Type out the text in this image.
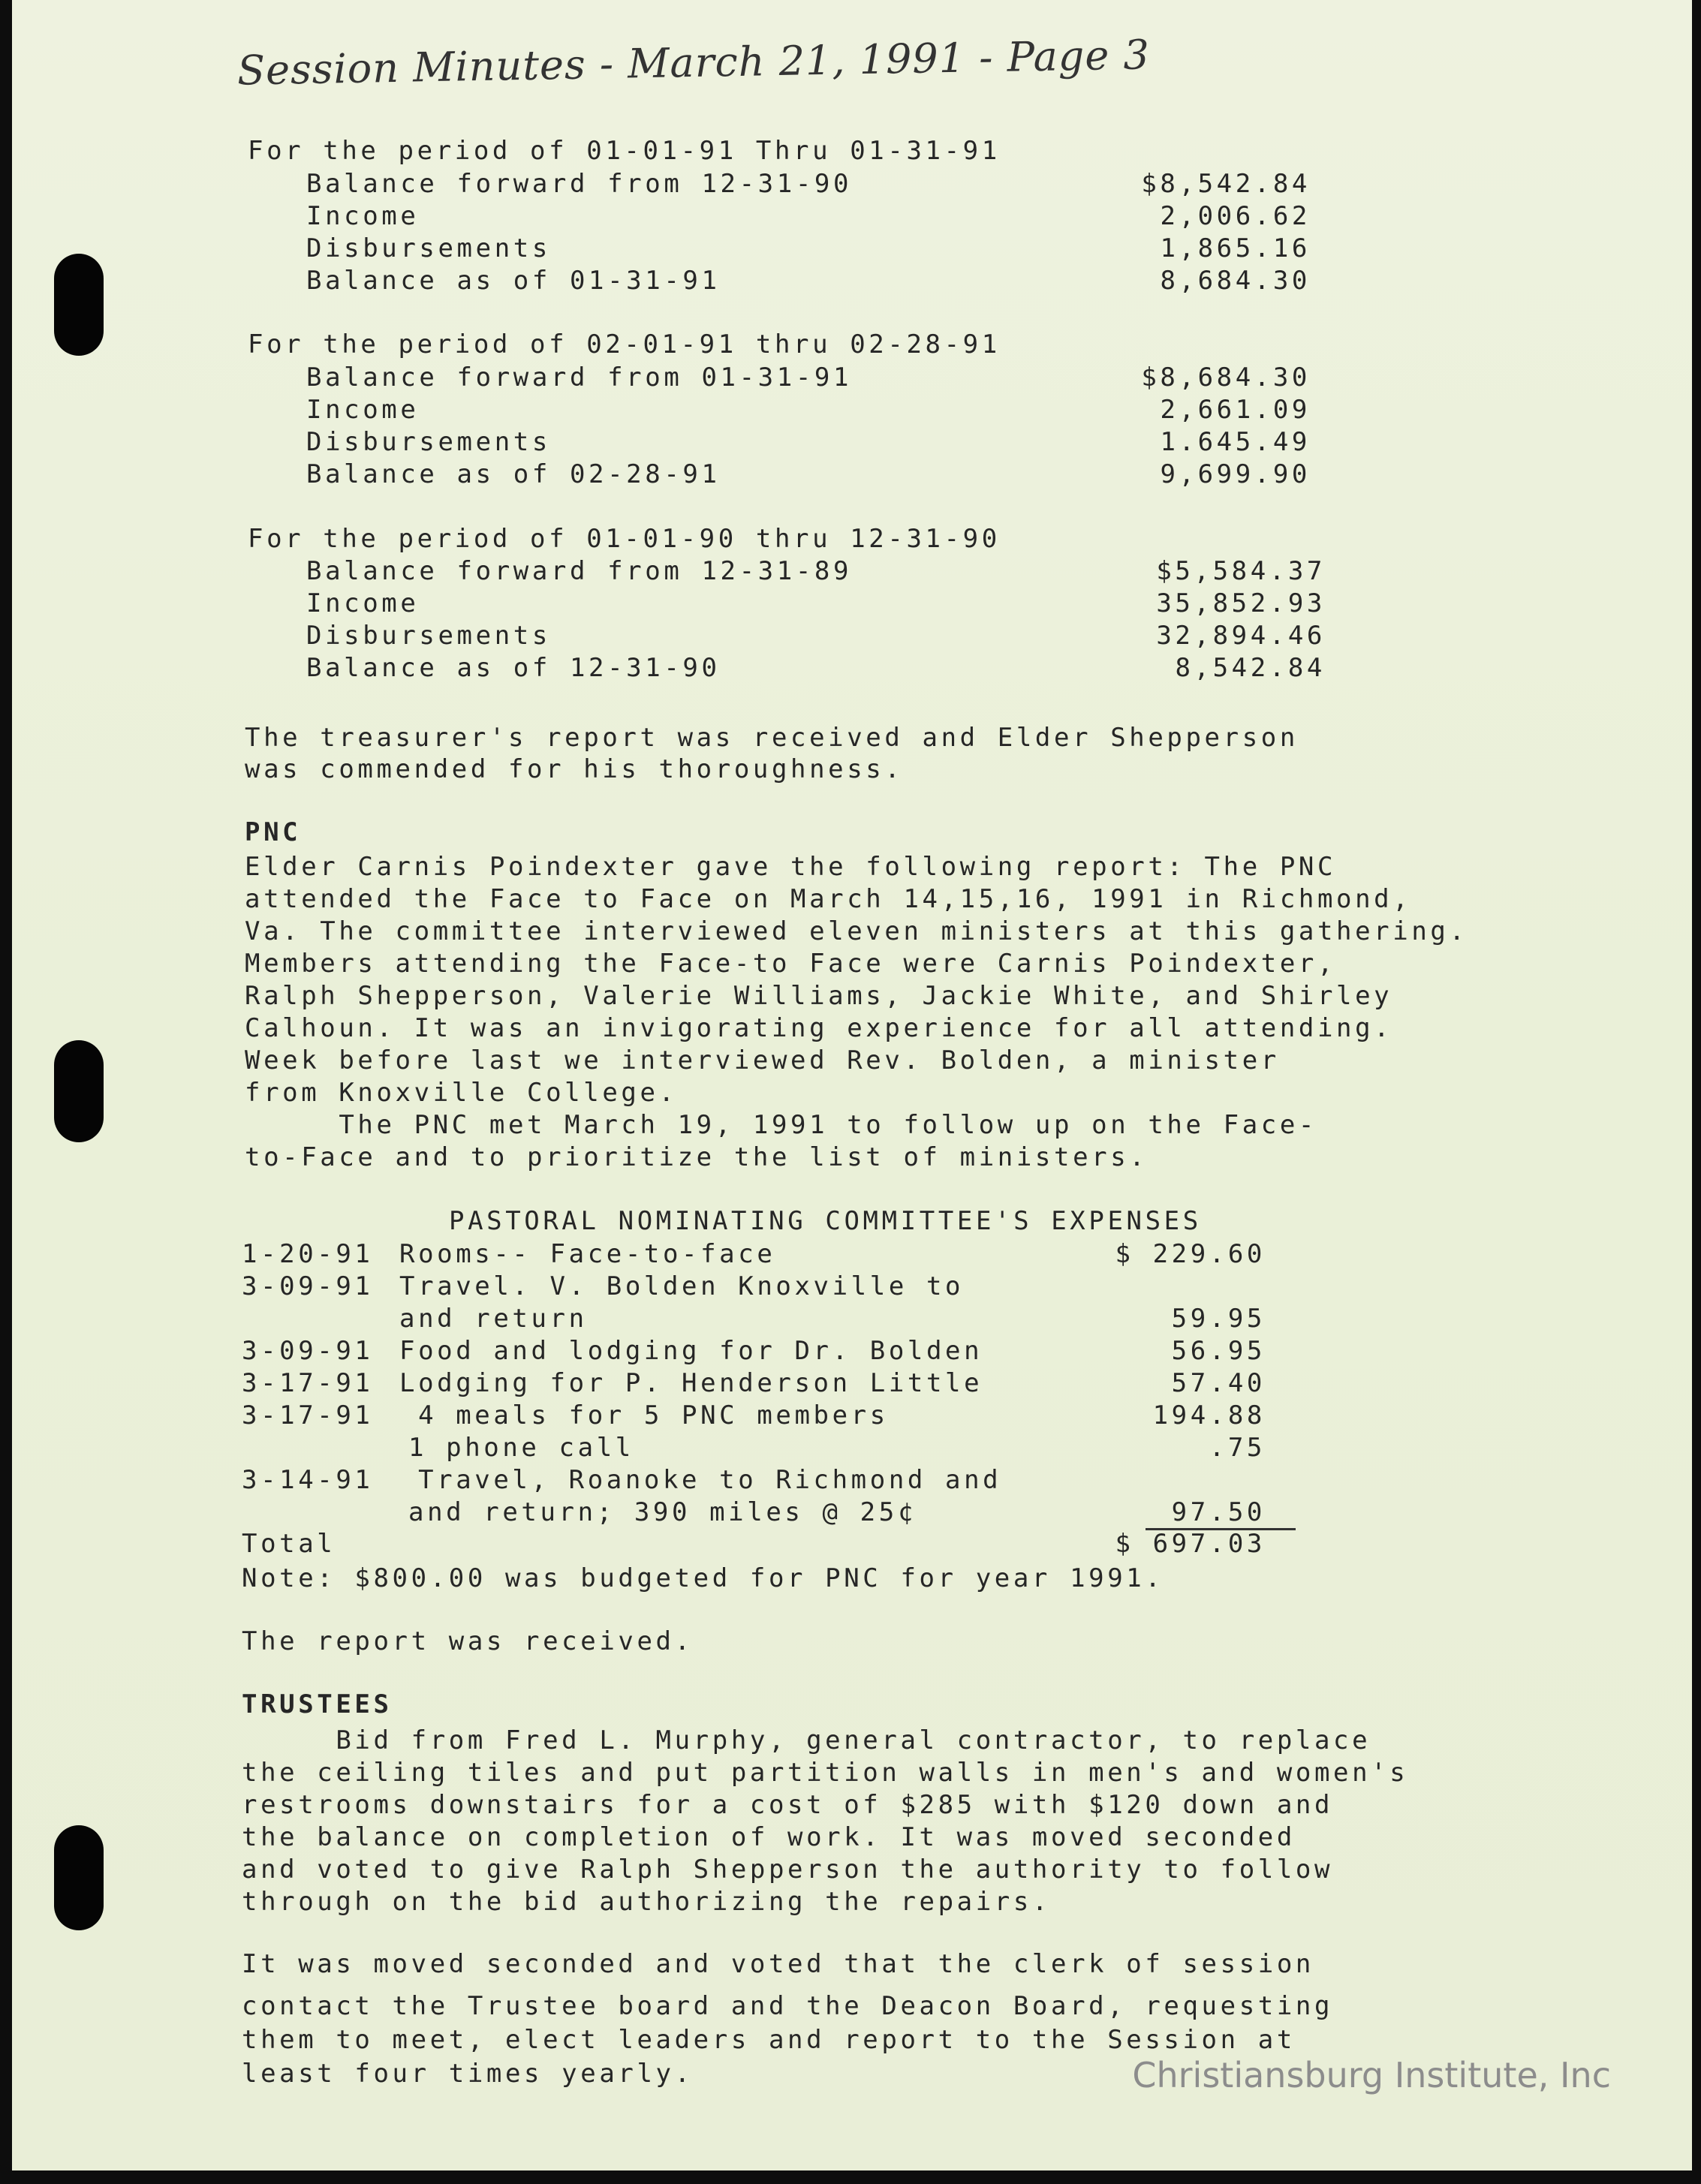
Session Minutes - March 21, 1991 - Page 3
For the period of 01-01-91 Thru 01-31-91
Balance forward from 12-31-90	$8,542.84
Income	2,006.62
Disbursements	1,865.16
Balance as of 01-31-91	8,684.30
For the period of 02-01-91 thru 02-28-91
Balance forward from 01-31-91	$8,684.30
Income	2,661.09
Disbursements	1.645.49
Balance as of 02-28-91	9,699.90
For the period of 01-01-90 thru 12-31-90
Balance forward from 12-31-89	$5,584.37
Income	35,852.93
Disbursements	32,894.46
Balance as of 12-31-90	8,542.84
The treasurer's report was received and Elder Shepperson
was commended for his thoroughness.
PNC
Elder Carnis Poindexter gave the following report: The PNC
attended the Face to Face on March 14,15,16, 1991 in Richmond,
Va. The committee interviewed eleven ministers at this gathering.
Members attending the Face-to Face were Carnis Poindexter,
Ralph Shepperson, Valerie Williams, Jackie White, and Shirley
Calhoun. It was an invigorating experience for all attending.
Week before last we interviewed Rev. Bolden, a minister
from Knoxville College.
The PNC met March 19, 1991 to follow up on the Face-
to-Face and to prioritize the list of ministers.
PASTORAL NOMINATING COMMITTEE'S EXPENSES
1-20-91 Rooms-- Face-to-face	$ 229.60
3-09-91 Travel. V. Bolden Knoxville to
and return	59.95
3-09-91 Food and lodging for Dr. Bolden	56.95
3-17-91 Lodging for P. Henderson Little	57.40
3-17-91 4 meals for 5 PNC members	194.88
1 phone call	.75
3-14-91 Travel, Roanoke to Richmond and
and return; 390 miles @ 25¢	97.50
Total	$ 697.03
Note: $800.00 was budgeted for PNC for year 1991.
The report was received.
TRUSTEES
Bid from Fred L. Murphy, general contractor, to replace
the ceiling tiles and put partition walls in men's and women's
restrooms downstairs for a cost of $285 with $120 down and
the balance on completion of work. It was moved seconded
and voted to give Ralph Shepperson the authority to follow
through on the bid authorizing the repairs.
It was moved seconded and voted that the clerk of session
contact the Trustee board and the Deacon Board, requesting
them to meet, elect leaders and report to the Session at
least four times yearly.	Christiansburg Institute, Inc
